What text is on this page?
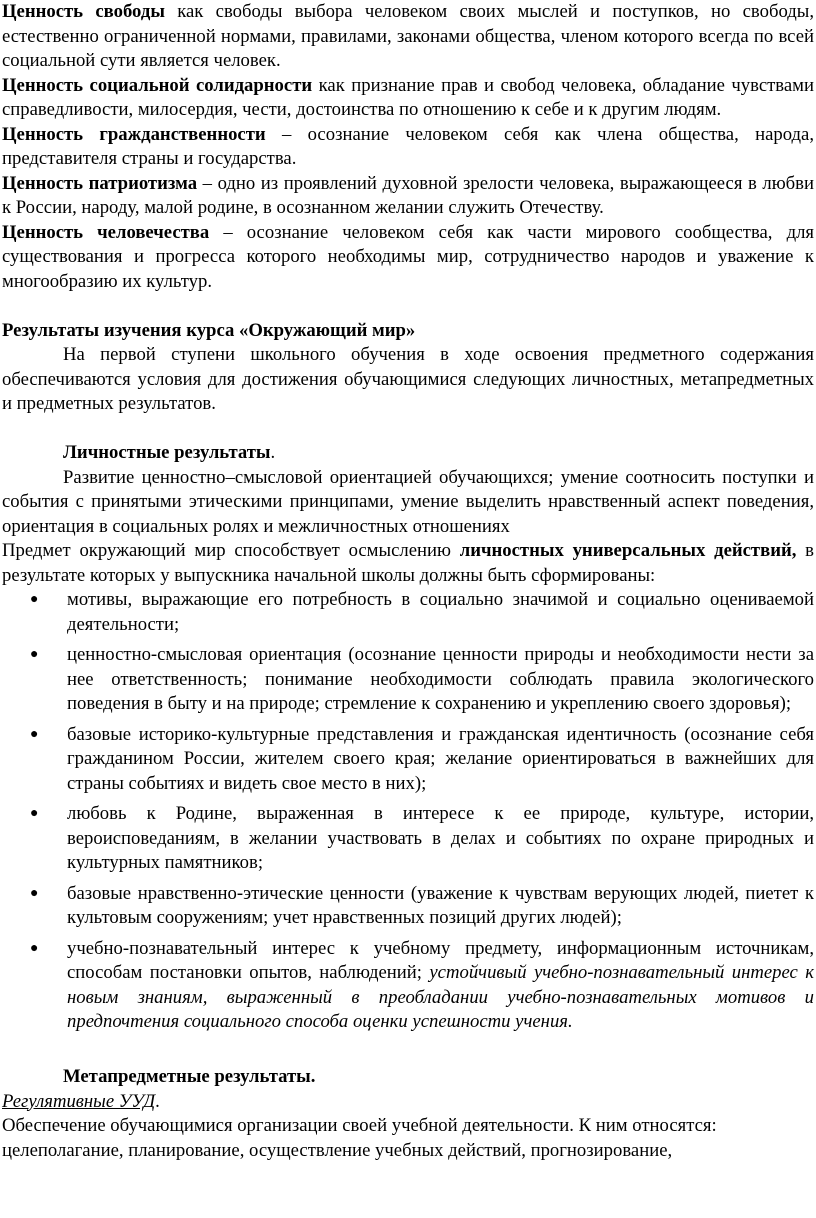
Ценность свободы как свободы выбора человеком своих мыслей и поступков, но свободы, естественно ограниченной нормами, правилами, законами общества, членом которого всегда по всей социальной сути является человек.

Ценность социальной солидарности как признание прав и свобод человека, обладание чувствами справедливости, милосердия, чести, достоинства по отношению к себе и к другим людям.

Ценность гражданственности – осознание человеком себя как члена общества, народа, представителя страны и государства.

Ценность патриотизма – одно из проявлений духовной зрелости человека, выражающееся в любви к России, народу, малой родине, в осознанном желании служить Отечеству.

Ценность человечества – осознание человеком себя как части мирового сообщества, для существования и прогресса которого необходимы мир, сотрудничество народов и уважение к многообразию их культур.

Результаты изучения курса «Окружающий мир»

На первой ступени школьного обучения в ходе освоения предметного содержания обеспечиваются условия для достижения обучающимися следующих личностных, метапредметных и предметных результатов.

Личностные результаты.

Развитие ценностно–смысловой ориентацией обучающихся; умение соотносить поступки и события с принятыми этическими принципами, умение выделить нравственный аспект поведения, ориентация в социальных ролях и межличностных отношениях

Предмет окружающий мир способствует осмыслению личностных универсальных действий, в результате которых у выпускника начальной школы должны быть сформированы:

● мотивы, выражающие его потребность в социально значимой и социально оцениваемой деятельности;
● ценностно-смысловая ориентация (осознание ценности природы и необходимости нести за нее ответственность; понимание необходимости соблюдать правила экологического поведения в быту и на природе; стремление к сохранению и укреплению своего здоровья);
● базовые историко-культурные представления и гражданская идентичность (осознание себя гражданином России, жителем своего края; желание ориентироваться в важнейших для страны событиях и видеть свое место в них);
● любовь к Родине, выраженная в интересе к ее природе, культуре, истории, вероисповеданиям, в желании участвовать в делах и событиях по охране природных и культурных памятников;
● базовые нравственно-этические ценности (уважение к чувствам верующих людей, пиетет к культовым сооружениям; учет нравственных позиций других людей);
● учебно-познавательный интерес к учебному предмету, информационным источникам, способам постановки опытов, наблюдений; устойчивый учебно-познавательный интерес к новым знаниям, выраженный в преобладании учебно-познавательных мотивов и предпочтения социального способа оценки успешности учения.

Метапредметные результаты.

Регулятивные УУД.

Обеспечение обучающимися организации своей учебной деятельности. К ним относятся:

целеполагание, планирование, осуществление учебных действий, прогнозирование,
